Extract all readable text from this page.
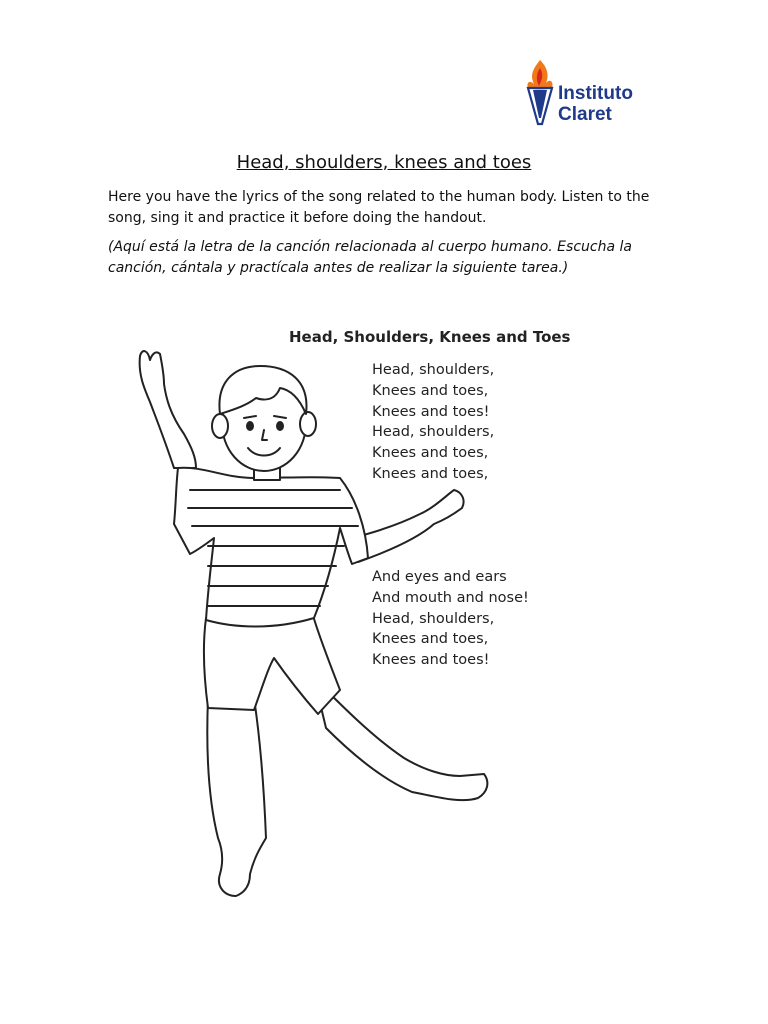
Instituto
Claret
Head, shoulders, knees and toes
Here you have the lyrics of the song related to the human body. Listen to the song, sing it and practice it before doing the handout.
(Aquí está la letra de la canción relacionada al cuerpo humano. Escucha la canción, cántala y practícala antes de realizar la siguiente tarea.)
Head, Shoulders, Knees and Toes
Head, shoulders,
Knees and toes,
Knees and toes!
Head, shoulders,
Knees and toes,
Knees and toes,
And eyes and ears
And mouth and nose!
Head, shoulders,
Knees and toes,
Knees and toes!
